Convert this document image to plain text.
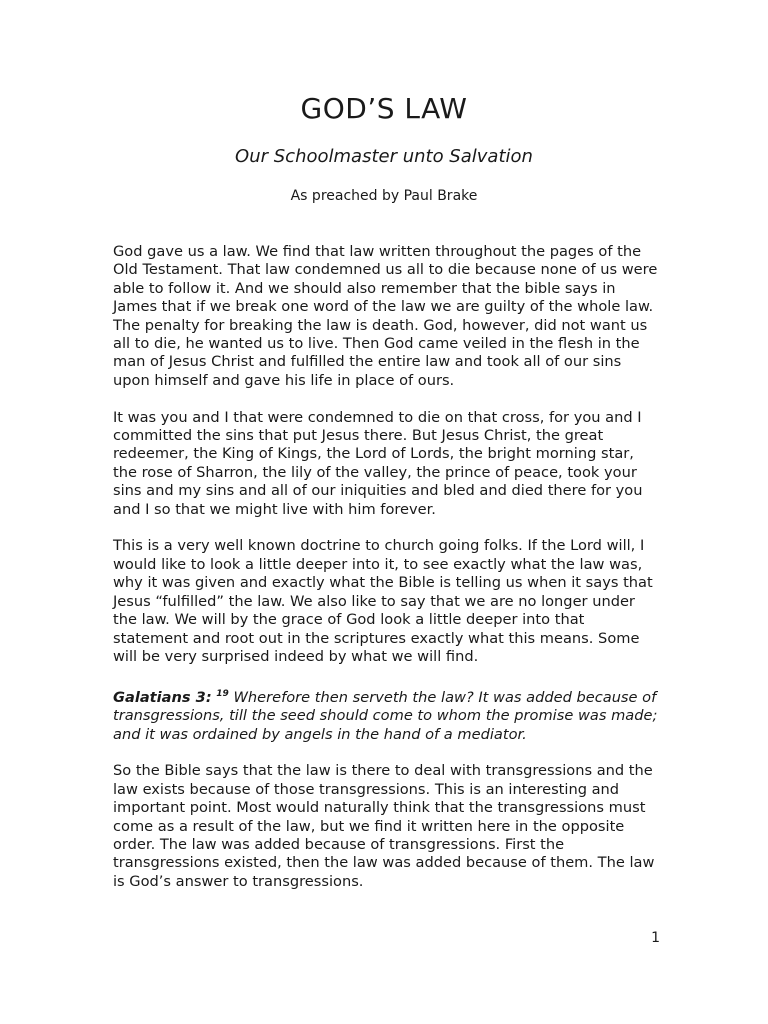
GOD’S LAW
Our Schoolmaster unto Salvation
As preached by Paul Brake

God gave us a law. We find that law written throughout the pages of the Old Testament. That law condemned us all to die because none of us were able to follow it. And we should also remember that the bible says in James that if we break one word of the law we are guilty of the whole law. The penalty for breaking the law is death. God, however, did not want us all to die, he wanted us to live. Then God came veiled in the flesh in the man of Jesus Christ and fulfilled the entire law and took all of our sins upon himself and gave his life in place of ours.

It was you and I that were condemned to die on that cross, for you and I committed the sins that put Jesus there. But Jesus Christ, the great redeemer, the King of Kings, the Lord of Lords, the bright morning star, the rose of Sharron, the lily of the valley, the prince of peace, took your sins and my sins and all of our iniquities and bled and died there for you and I so that we might live with him forever.

This is a very well known doctrine to church going folks. If the Lord will, I would like to look a little deeper into it, to see exactly what the law was, why it was given and exactly what the Bible is telling us when it says that Jesus “fulfilled” the law. We also like to say that we are no longer under the law. We will by the grace of God look a little deeper into that statement and root out in the scriptures exactly what this means. Some will be very surprised indeed by what we will find.

Galatians 3: $^{19}$ Wherefore then serveth the law? It was added because of transgressions, till the seed should come to whom the promise was made; and it was ordained by angels in the hand of a mediator.

So the Bible says that the law is there to deal with transgressions and the law exists because of those transgressions. This is an interesting and important point. Most would naturally think that the transgressions must come as a result of the law, but we find it written here in the opposite order. The law was added because of transgressions. First the transgressions existed, then the law was added because of them. The law is God’s answer to transgressions.

1
